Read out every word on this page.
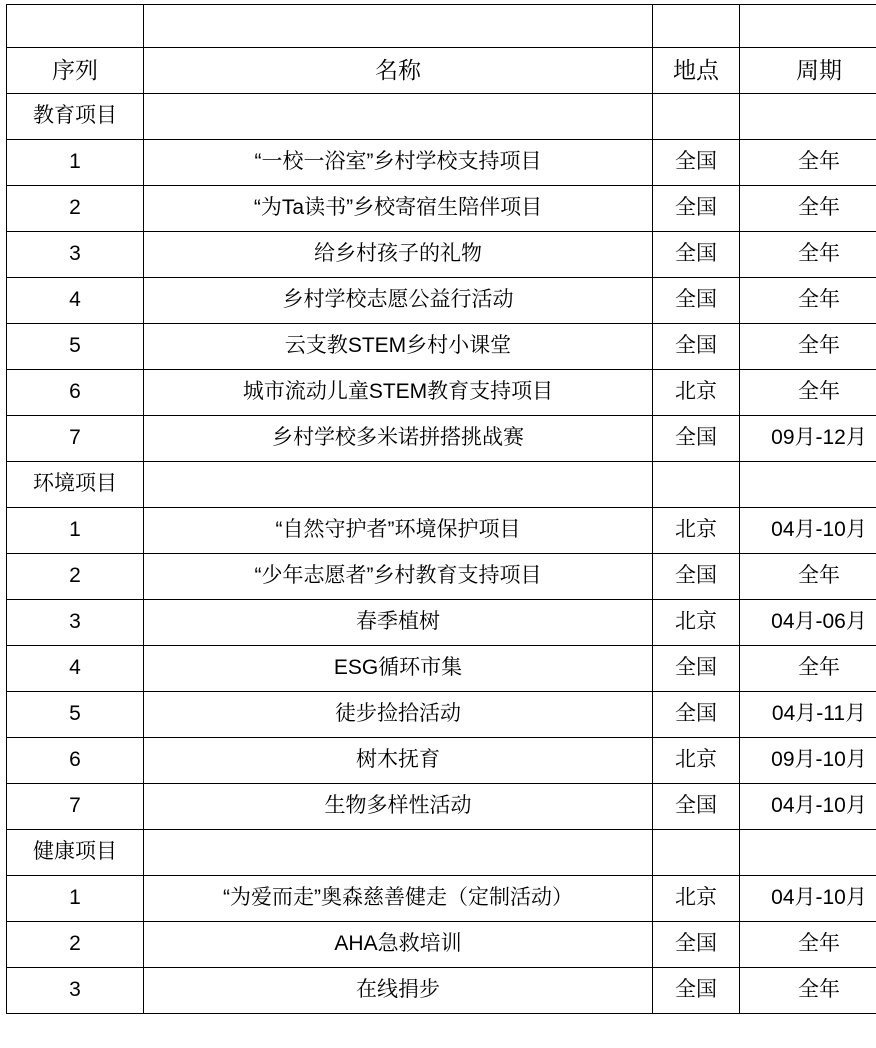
序列	名称	地点	周期
教育项目			
1	“一校一浴室”乡村学校支持项目	全国	全年
2	“为Ta读书”乡校寄宿生陪伴项目	全国	全年
3	给乡村孩子的礼物	全国	全年
4	乡村学校志愿公益行活动	全国	全年
5	云支教STEM乡村小课堂	全国	全年
6	城市流动儿童STEM教育支持项目	北京	全年
7	乡村学校多米诺拼搭挑战赛	全国	09月-12月
环境项目			
1	“自然守护者”环境保护项目	北京	04月-10月
2	“少年志愿者”乡村教育支持项目	全国	全年
3	春季植树	北京	04月-06月
4	ESG循环市集	全国	全年
5	徒步捡拾活动	全国	04月-11月
6	树木抚育	北京	09月-10月
7	生物多样性活动	全国	04月-10月
健康项目			
1	“为爱而走”奥森慈善健走（定制活动）	北京	04月-10月
2	AHA急救培训	全国	全年
3	在线捐步	全国	全年
